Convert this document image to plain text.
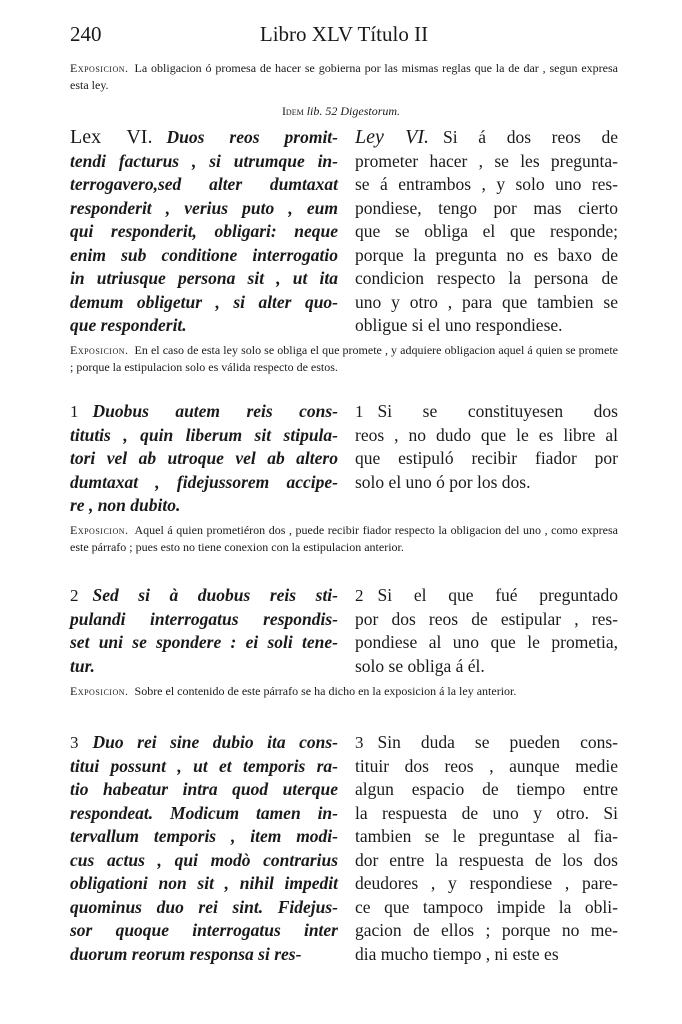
240	Libro XLV Título II
Exposicion. La obligacion ó promesa de hacer se gobierna por las mismas reglas que la de dar , segun expresa esta ley.
Idem lib. 52 Digestorum.
Lex VI. Duos reos promit-
tendi facturus , si utrumque in-
terrogavero,sed alter dumtaxat
responderit , verius puto , eum
qui responderit, obligari: neque
enim sub conditione interrogatio
in utriusque persona sit , ut ita
demum obligetur , si alter quo-
que responderit.
Ley VI. Si á dos reos de
prometer hacer , se les pregunta-
se á entrambos , y solo uno res-
pondiese, tengo por mas cierto
que se obliga el que responde;
porque la pregunta no es baxo de
condicion respecto la persona de
uno y otro , para que tambien se
obligue si el uno respondiese.
Exposicion. En el caso de esta ley solo se obliga el que promete , y adquiere obligacion aquel á quien se promete ; porque la estipulacion solo es válida respecto de estos.
1 Duobus autem reis cons-
titutis , quin liberum sit stipula-
tori vel ab utroque vel ab altero
dumtaxat , fidejussorem accipe-
re , non dubito.
1 Si se constituyesen dos
reos , no dudo que le es libre al
que estipuló recibir fiador por
solo el uno ó por los dos.
Exposicion. Aquel á quien prometiéron dos , puede recibir fiador respecto la obligacion del uno , como expresa este párrafo ; pues esto no tiene conexion con la estipulacion anterior.
2 Sed si à duobus reis sti-
pulandi interrogatus respondis-
set uni se spondere : ei soli tene-
tur.
2 Si el que fué preguntado
por dos reos de estipular , res-
pondiese al uno que le prometia,
solo se obliga á él.
Exposicion. Sobre el contenido de este párrafo se ha dicho en la exposicion á la ley anterior.
3 Duo rei sine dubio ita cons-
titui possunt , ut et temporis ra-
tio habeatur intra quod uterque
respondeat. Modicum tamen in-
tervallum temporis , item modi-
cus actus , qui modò contrarius
obligationi non sit , nihil impedit
quominus duo rei sint. Fidejus-
sor quoque interrogatus inter
duorum reorum responsa si res-
3 Sin duda se pueden cons-
tituir dos reos , aunque medie
algun espacio de tiempo entre
la respuesta de uno y otro. Si
tambien se le preguntase al fia-
dor entre la respuesta de los dos
deudores , y respondiese , pare-
ce que tampoco impide la obli-
gacion de ellos ; porque no me-
dia mucho tiempo , ni este es
